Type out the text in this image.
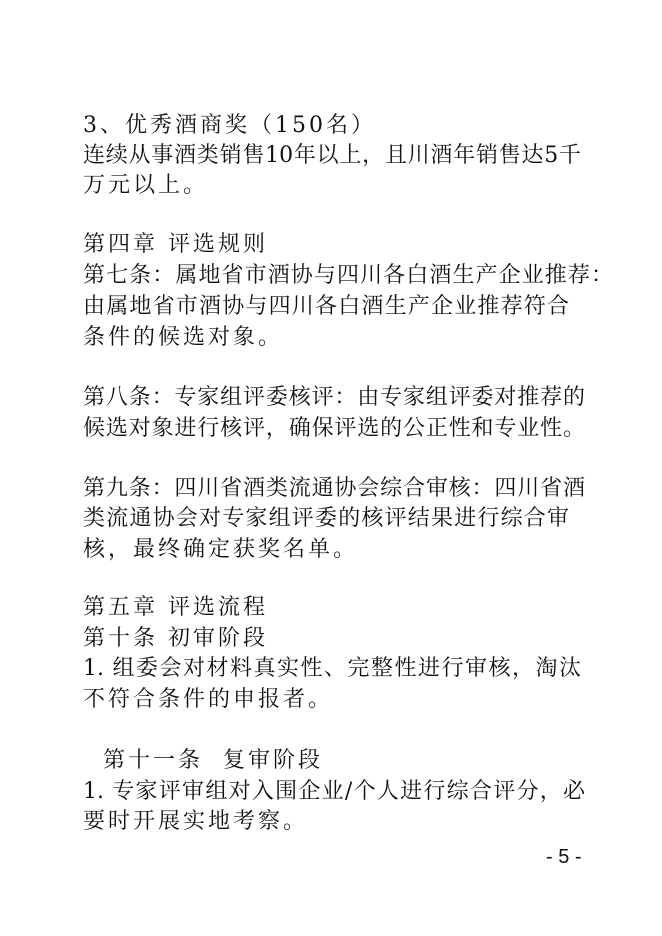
3、优秀酒商奖（150名）
连续从事酒类销售10年以上，且川酒年销售达5千
万元以上。
第四章 评选规则
第七条：属地省市酒协与四川各白酒生产企业推荐：
由属地省市酒协与四川各白酒生产企业推荐符合
条件的候选对象。
第八条：专家组评委核评：由专家组评委对推荐的
候选对象进行核评，确保评选的公正性和专业性。
第九条：四川省酒类流通协会综合审核：四川省酒
类流通协会对专家组评委的核评结果进行综合审
核，最终确定获奖名单。
第五章 评选流程
第十条 初审阶段
1. 组委会对材料真实性、完整性进行审核，淘汰
不符合条件的申报者。
第十一条  复审阶段
1. 专家评审组对入围企业/个人进行综合评分，必
要时开展实地考察。
- 5 -
